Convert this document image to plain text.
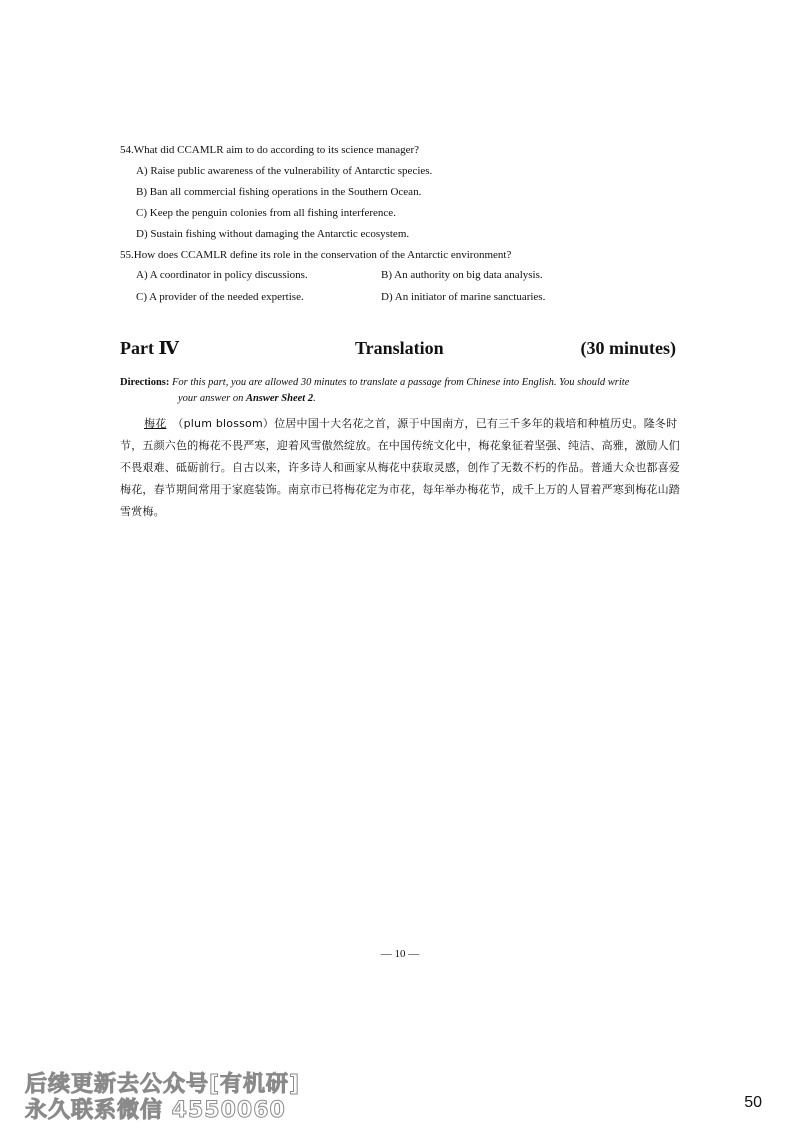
54.What did CCAMLR aim to do according to its science manager?
A) Raise public awareness of the vulnerability of Antarctic species.
B) Ban all commercial fishing operations in the Southern Ocean.
C) Keep the penguin colonies from all fishing interference.
D) Sustain fishing without damaging the Antarctic ecosystem.
55.How does CCAMLR define its role in the conservation of the Antarctic environment?
A) A coordinator in policy discussions.	B) An authority on big data analysis.
C) A provider of the needed expertise.	D) An initiator of marine sanctuaries.
Part Ⅳ	Translation	(30 minutes)
Directions: For this part, you are allowed 30 minutes to translate a passage from Chinese into English. You should write
your answer on Answer Sheet 2.

梅花 （plum blossom）位居中国十大名花之首，源于中国南方，已有三千多年的栽培和种植历史。隆冬时节，五颜六色的梅花不畏严寒，迎着风雪傲然绽放。在中国传统文化中，梅花象征着坚强、纯洁、高雅，激励人们不畏艰难、砥砺前行。自古以来，许多诗人和画家从梅花中获取灵感，创作了无数不朽的作品。普通大众也都喜爱梅花，春节期间常用于家庭装饰。南京市已将梅花定为市花，每年举办梅花节，成千上万的人冒着严寒到梅花山踏雪赏梅。

— 10 —
后续更新去公众号[有机研]
永久联系微信 4550060	50
